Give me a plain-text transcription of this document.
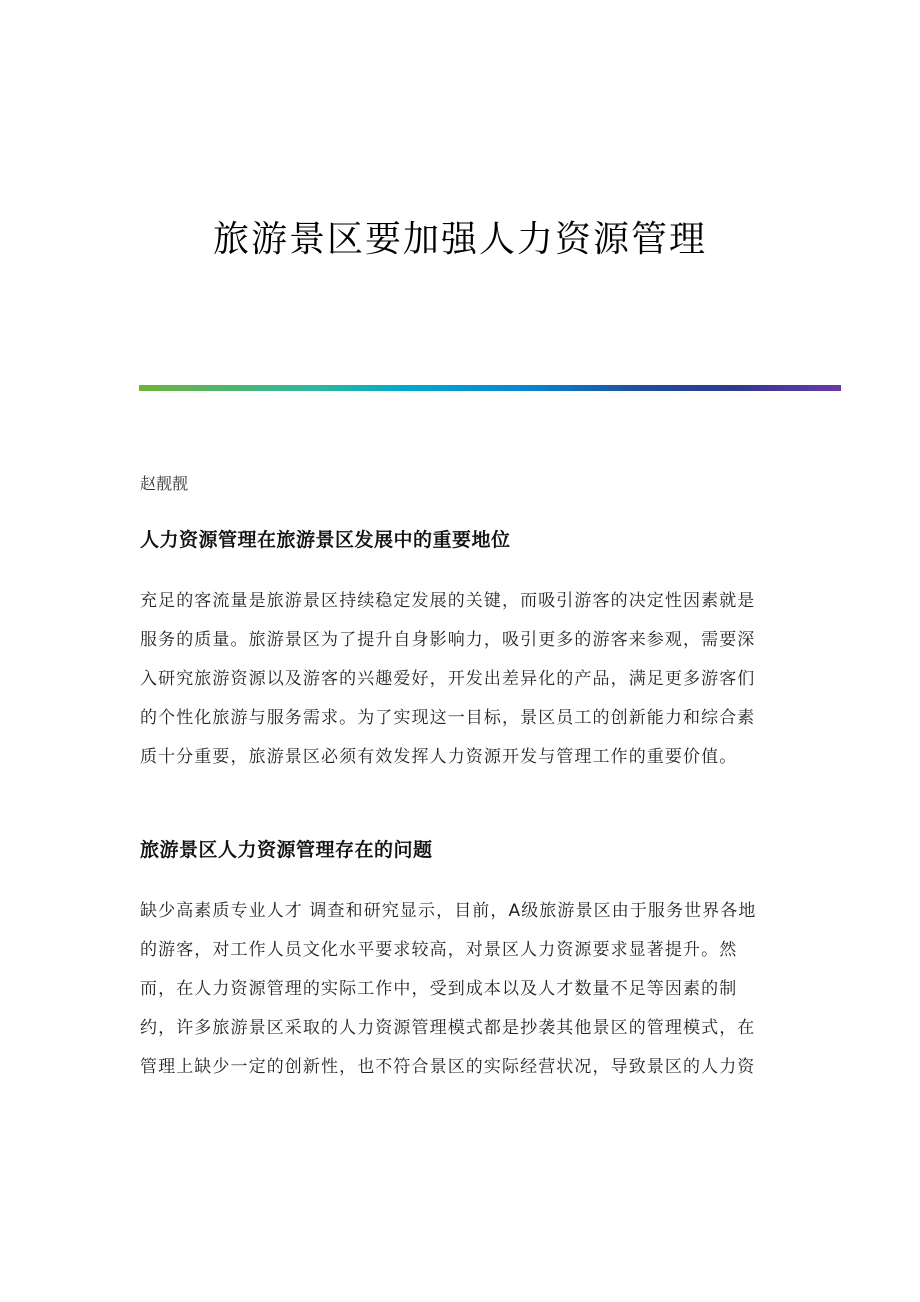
旅游景区要加强人力资源管理
赵靓靓
人力资源管理在旅游景区发展中的重要地位
充足的客流量是旅游景区持续稳定发展的关键，而吸引游客的决定性因素就是
服务的质量。旅游景区为了提升自身影响力，吸引更多的游客来参观，需要深
入研究旅游资源以及游客的兴趣爱好，开发出差异化的产品，满足更多游客们
的个性化旅游与服务需求。为了实现这一目标，景区员工的创新能力和综合素
质十分重要，旅游景区必须有效发挥人力资源开发与管理工作的重要价值。
旅游景区人力资源管理存在的问题
缺少高素质专业人才 调查和研究显示，目前，A级旅游景区由于服务世界各地
的游客，对工作人员文化水平要求较高，对景区人力资源要求显著提升。然
而，在人力资源管理的实际工作中，受到成本以及人才数量不足等因素的制
约，许多旅游景区采取的人力资源管理模式都是抄袭其他景区的管理模式，在
管理上缺少一定的创新性，也不符合景区的实际经营状况，导致景区的人力资
